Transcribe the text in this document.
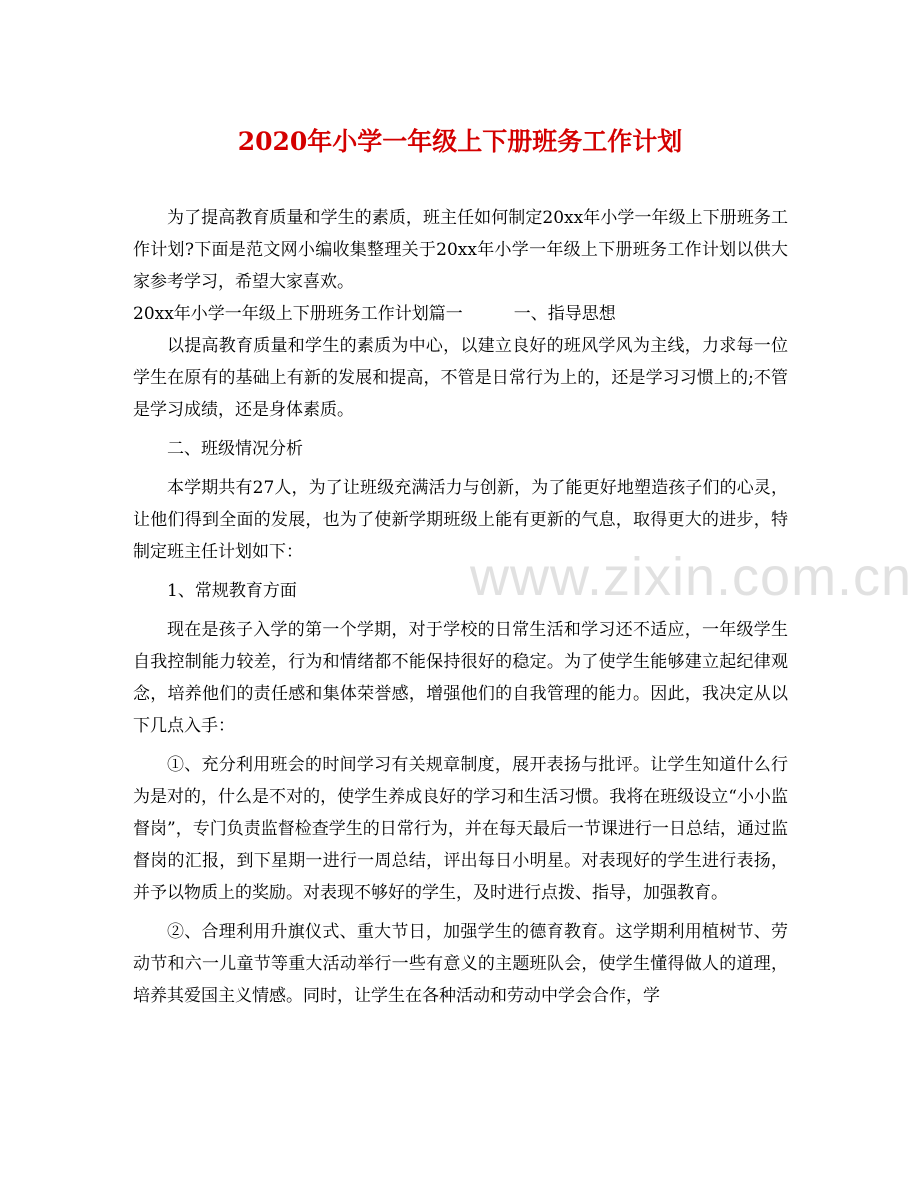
2020年小学一年级上下册班务工作计划

为了提高教育质量和学生的素质，班主任如何制定20xx年小学一年级上下册班务工作计划?下面是范文网小编收集整理关于20xx年小学一年级上下册班务工作计划以供大家参考学习，希望大家喜欢。

20xx年小学一年级上下册班务工作计划篇一　　　一、指导思想

以提高教育质量和学生的素质为中心，以建立良好的班风学风为主线，力求每一位学生在原有的基础上有新的发展和提高，不管是日常行为上的，还是学习习惯上的;不管是学习成绩，还是身体素质。

二、班级情况分析

本学期共有27人，为了让班级充满活力与创新，为了能更好地塑造孩子们的心灵，让他们得到全面的发展，也为了使新学期班级上能有更新的气息，取得更大的进步，特制定班主任计划如下：

1、常规教育方面

现在是孩子入学的第一个学期，对于学校的日常生活和学习还不适应，一年级学生自我控制能力较差，行为和情绪都不能保持很好的稳定。为了使学生能够建立起纪律观念，培养他们的责任感和集体荣誉感，增强他们的自我管理的能力。因此，我决定从以下几点入手：

①、充分利用班会的时间学习有关规章制度，展开表扬与批评。让学生知道什么行为是对的，什么是不对的，使学生养成良好的学习和生活习惯。我将在班级设立“小小监督岗”，专门负责监督检查学生的日常行为，并在每天最后一节课进行一日总结，通过监督岗的汇报，到下星期一进行一周总结，评出每日小明星。对表现好的学生进行表扬，并予以物质上的奖励。对表现不够好的学生，及时进行点拨、指导，加强教育。

②、合理利用升旗仪式、重大节日，加强学生的德育教育。这学期利用植树节、劳动节和六一儿童节等重大活动举行一些有意义的主题班队会，使学生懂得做人的道理，培养其爱国主义情感。同时，让学生在各种活动和劳动中学会合作，学

www.zixin.com.cn
